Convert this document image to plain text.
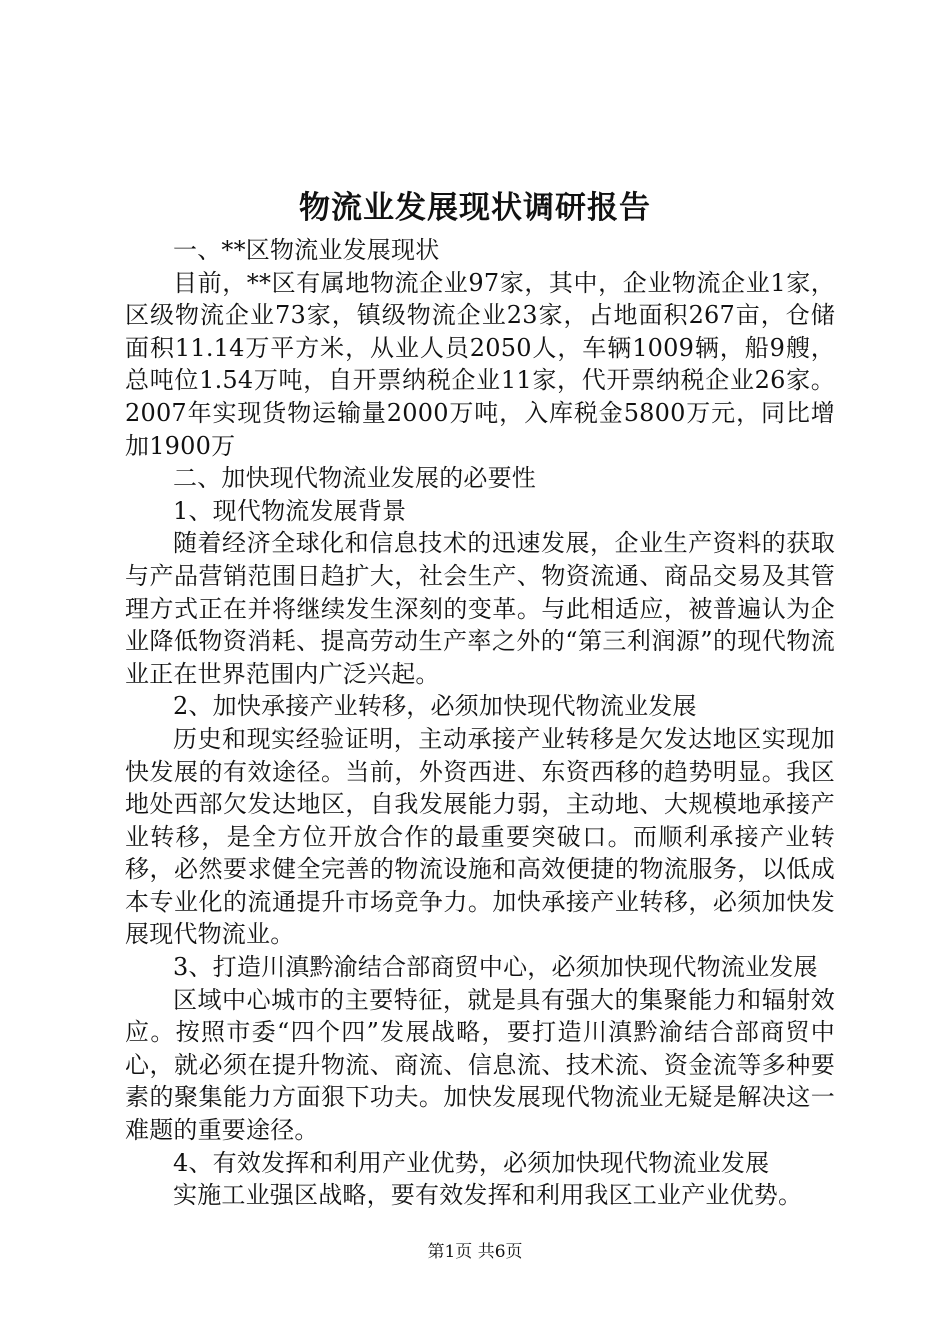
物流业发展现状调研报告

一、**区物流业发展现状

目前，**区有属地物流企业97家，其中，企业物流企业1家，区级物流企业73家，镇级物流企业23家，占地面积267亩，仓储面积11.14万平方米，从业人员2050人，车辆1009辆，船9艘，总吨位1.54万吨，自开票纳税企业11家，代开票纳税企业26家。2007年实现货物运输量2000万吨，入库税金5800万元，同比增加1900万

二、加快现代物流业发展的必要性

1、现代物流发展背景

随着经济全球化和信息技术的迅速发展，企业生产资料的获取与产品营销范围日趋扩大，社会生产、物资流通、商品交易及其管理方式正在并将继续发生深刻的变革。与此相适应，被普遍认为企业降低物资消耗、提高劳动生产率之外的“第三利润源”的现代物流业正在世界范围内广泛兴起。

2、加快承接产业转移，必须加快现代物流业发展

历史和现实经验证明，主动承接产业转移是欠发达地区实现加快发展的有效途径。当前，外资西进、东资西移的趋势明显。我区地处西部欠发达地区，自我发展能力弱，主动地、大规模地承接产业转移，是全方位开放合作的最重要突破口。而顺利承接产业转移，必然要求健全完善的物流设施和高效便捷的物流服务，以低成本专业化的流通提升市场竞争力。加快承接产业转移，必须加快发展现代物流业。

3、打造川滇黔渝结合部商贸中心，必须加快现代物流业发展

区域中心城市的主要特征，就是具有强大的集聚能力和辐射效应。按照市委“四个四”发展战略，要打造川滇黔渝结合部商贸中心，就必须在提升物流、商流、信息流、技术流、资金流等多种要素的聚集能力方面狠下功夫。加快发展现代物流业无疑是解决这一难题的重要途径。

4、有效发挥和利用产业优势，必须加快现代物流业发展

实施工业强区战略，要有效发挥和利用我区工业产业优势。

第1页 共6页
